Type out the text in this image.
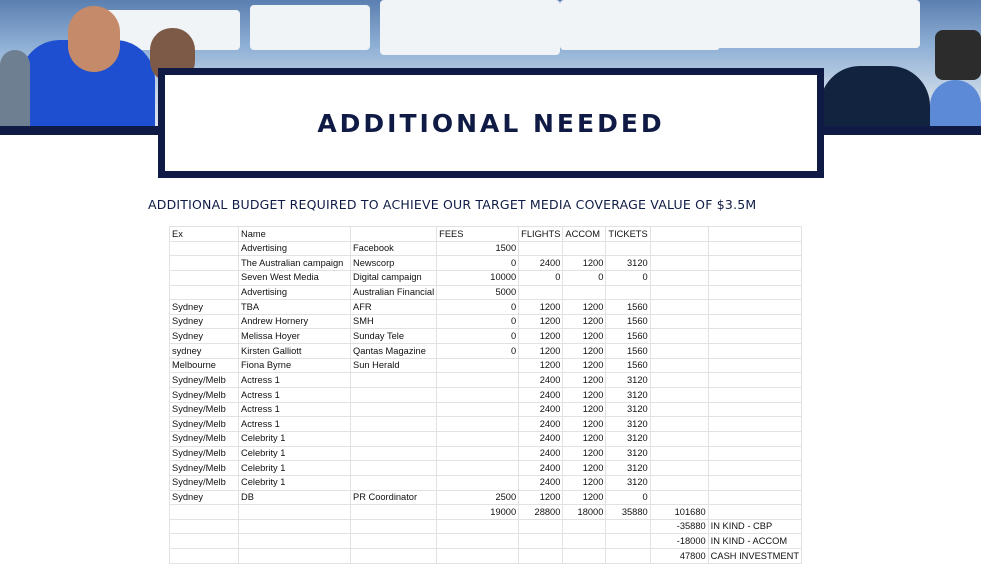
ADDITIONAL NEEDED
ADDITIONAL BUDGET REQUIRED TO ACHIEVE OUR TARGET MEDIA COVERAGE VALUE OF $3.5M
Ex	Name		FEES	FLIGHTS	ACCOM	TICKETS		
	Advertising	Facebook	1500					
	The Australian campaign	Newscorp	0	2400	1200	3120		
	Seven West Media	Digital campaign	10000	0	0	0		
	Advertising	Australian Financial	5000					
Sydney	TBA	AFR	0	1200	1200	1560		
Sydney	Andrew Hornery	SMH	0	1200	1200	1560		
Sydney	Melissa Hoyer	Sunday Tele	0	1200	1200	1560		
sydney	Kirsten Galliott	Qantas Magazine	0	1200	1200	1560		
Melbourne	Fiona Byrne	Sun Herald		1200	1200	1560		
Sydney/Melb	Actress 1			2400	1200	3120		
Sydney/Melb	Actress 1			2400	1200	3120		
Sydney/Melb	Actress 1			2400	1200	3120		
Sydney/Melb	Actress 1			2400	1200	3120		
Sydney/Melb	Celebrity 1			2400	1200	3120		
Sydney/Melb	Celebrity 1			2400	1200	3120		
Sydney/Melb	Celebrity 1			2400	1200	3120		
Sydney/Melb	Celebrity 1			2400	1200	3120		
Sydney	DB	PR Coordinator	2500	1200	1200	0		
			19000	28800	18000	35880	101680	
							-35880	IN KIND - CBP
							-18000	IN KIND - ACCOM
							47800	CASH INVESTMENT
